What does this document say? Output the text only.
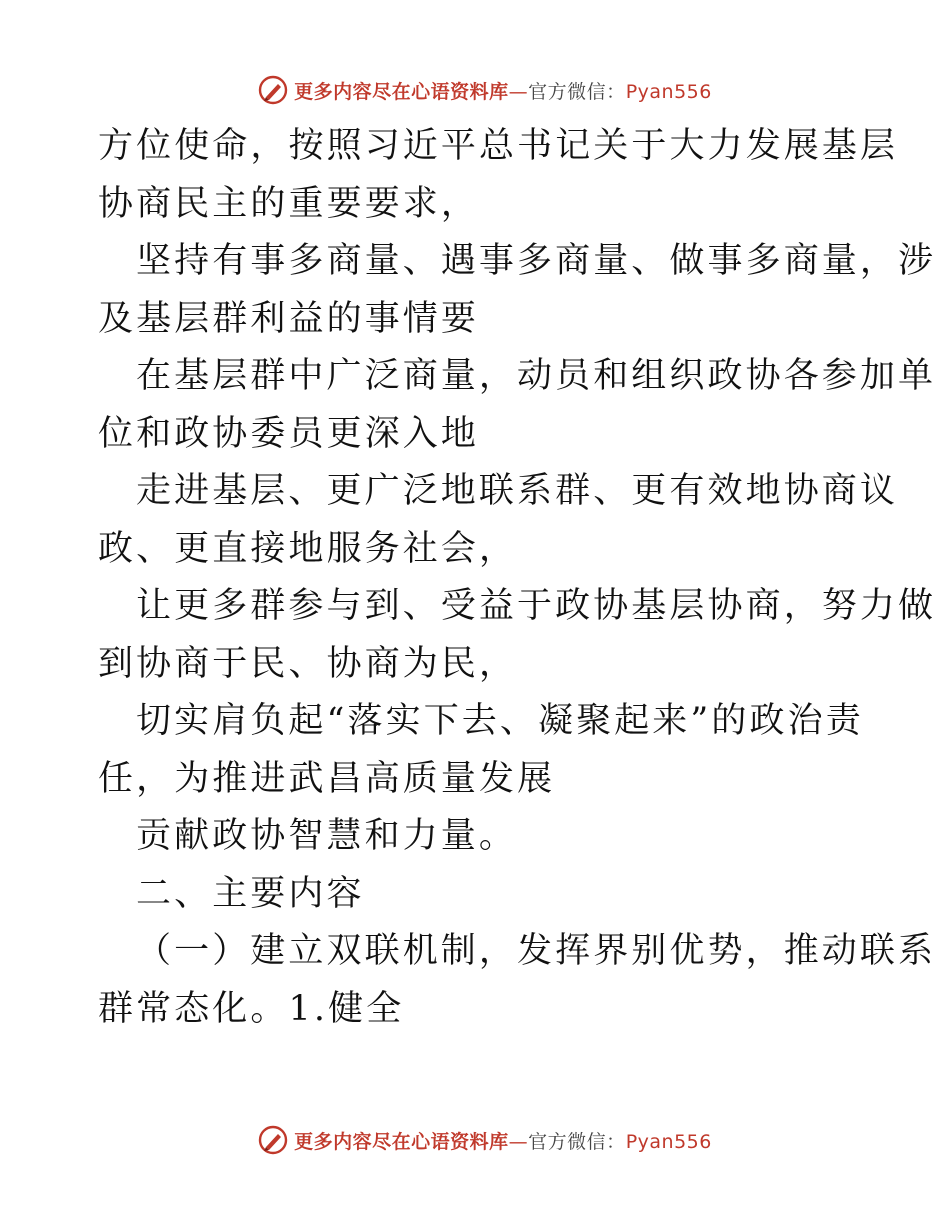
更多内容尽在心语资料库—官方微信：Pyan556
方位使命，按照习近平总书记关于大力发展基层
协商民主的重要要求，
坚持有事多商量、遇事多商量、做事多商量，涉
及基层群利益的事情要
在基层群中广泛商量，动员和组织政协各参加单
位和政协委员更深入地
走进基层、更广泛地联系群、更有效地协商议
政、更直接地服务社会，
让更多群参与到、受益于政协基层协商，努力做
到协商于民、协商为民，
切实肩负起“落实下去、凝聚起来”的政治责
任，为推进武昌高质量发展
贡献政协智慧和力量。
二、主要内容
（一）建立双联机制，发挥界别优势，推动联系
群常态化。1.健全
更多内容尽在心语资料库—官方微信：Pyan556
